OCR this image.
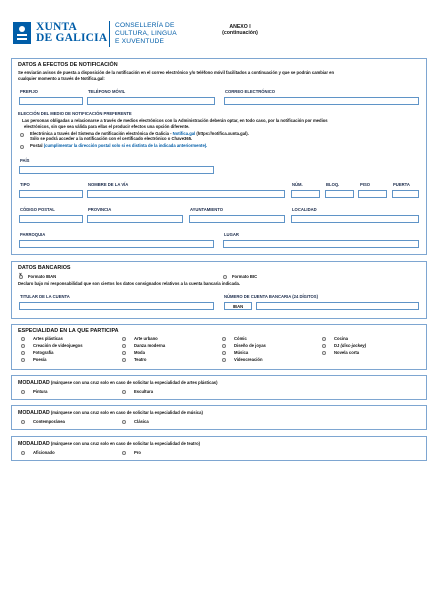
XUNTA
DE GALICIA
CONSELLERÍA DE
CULTURA, LINGUA
E XUVENTUDE
ANEXO I
(continuación)
DATOS A EFECTOS DE NOTIFICACIÓN
Se enviarán avisos de puesta a disposición de la notificación en el correo electrónico y/o teléfono móvil facilitados a continuación y que se podrán cambiar en
cualquier momento a través de Notifica.gal:
PREFIJO	TELÉFONO MÓVIL	CORREO ELECTRÓNICO
ELECCIÓN DEL MEDIO DE NOTIFICACIÓN PREFERENTE
Las personas obligadas a relacionarse a través de medios electrónicos con la Administración deberán optar, en todo caso, por la notificación por medios
electrónicos, sin que sea válida para ellas el producir efectos una opción diferente.
Electrónica a través del Sistema de notificación electrónica de Galicia - Notifica.gal (https://notifica.xunta.gal).
Sólo se podrá acceder a la notificación con el certificado electrónico o Chave365.
Postal (cumplimentar la dirección postal solo si es distinta de la indicada anteriormente).
PAÍS
TIPO	NOMBRE DE LA VÍA	NÚM.	BLOQ.	PISO	PUERTA
CÓDIGO POSTAL	PROVINCIA	AYUNTAMIENTO	LOCALIDAD
PARROQUIA	LUGAR
DATOS BANCARIOS
× Formato IBAN	Formato BIC
Declaro bajo mi responsabilidad que son ciertos los datos consignados relativos a la cuenta bancaria indicada.
TITULAR DE LA CUENTA	NÚMERO DE CUENTA BANCARIA (24 DÍGITOS)
IBAN
ESPECIALIDAD EN LA QUE PARTICIPA
Artes plásticas	Arte urbano	Cómic	Cocina
Creación de videojuegos	Danza moderna	Diseño de joyas	DJ (disc-jockey)
Fotografía	Moda	Música	Novela corta
Poesía	Teatro	Videocreación
MODALIDAD (márquese con una cruz solo en caso de solicitar la especialidad de artes plásticas)
Pintura	Escultura
MODALIDAD (márquese con una cruz solo en caso de solicitar la especialidad de música)
Contemporánea	Clásica
MODALIDAD (márquese con una cruz solo en caso de solicitar la especialidad de teatro)
Aficionado	Pro
